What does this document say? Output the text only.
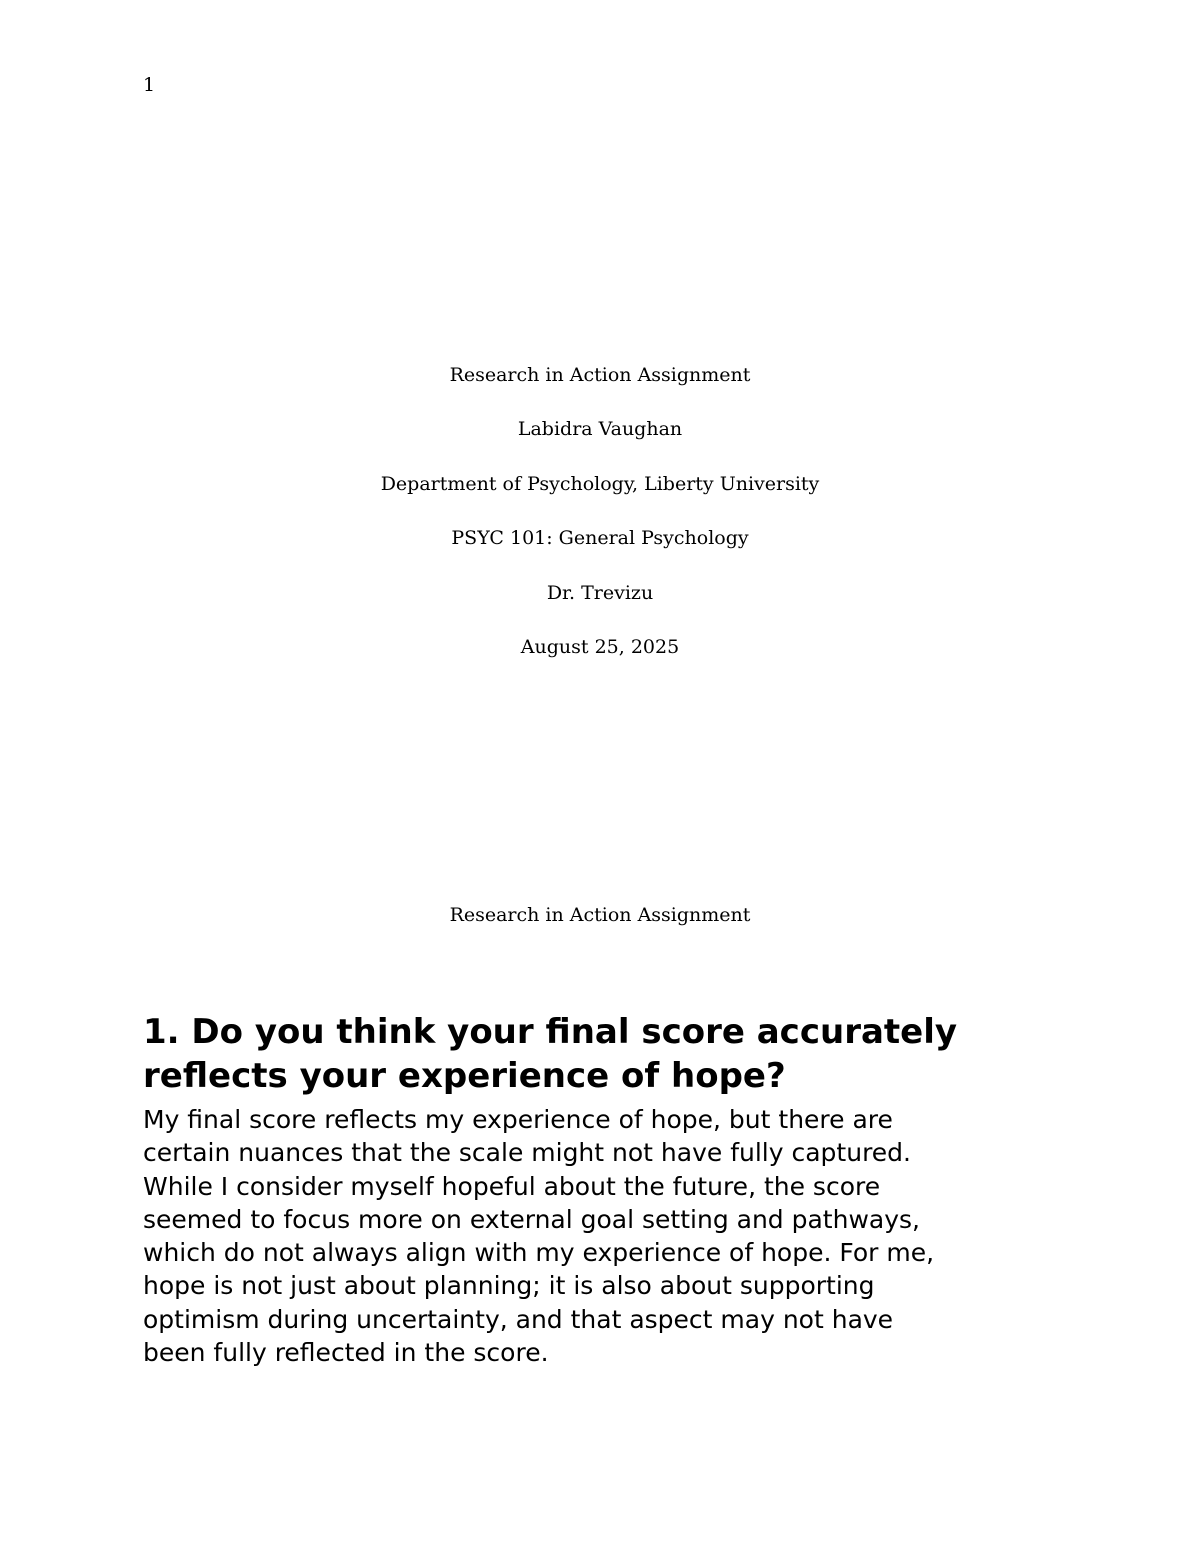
1
Research in Action Assignment
Labidra Vaughan
Department of Psychology, Liberty University
PSYC 101: General Psychology
Dr. Trevizu
August 25, 2025
Research in Action Assignment
1. Do you think your final score accurately reflects your experience of hope?

My final score reflects my experience of hope, but there are
certain nuances that the scale might not have fully captured.
While I consider myself hopeful about the future, the score
seemed to focus more on external goal setting and pathways,
which do not always align with my experience of hope. For me,
hope is not just about planning; it is also about supporting
optimism during uncertainty, and that aspect may not have
been fully reflected in the score.
